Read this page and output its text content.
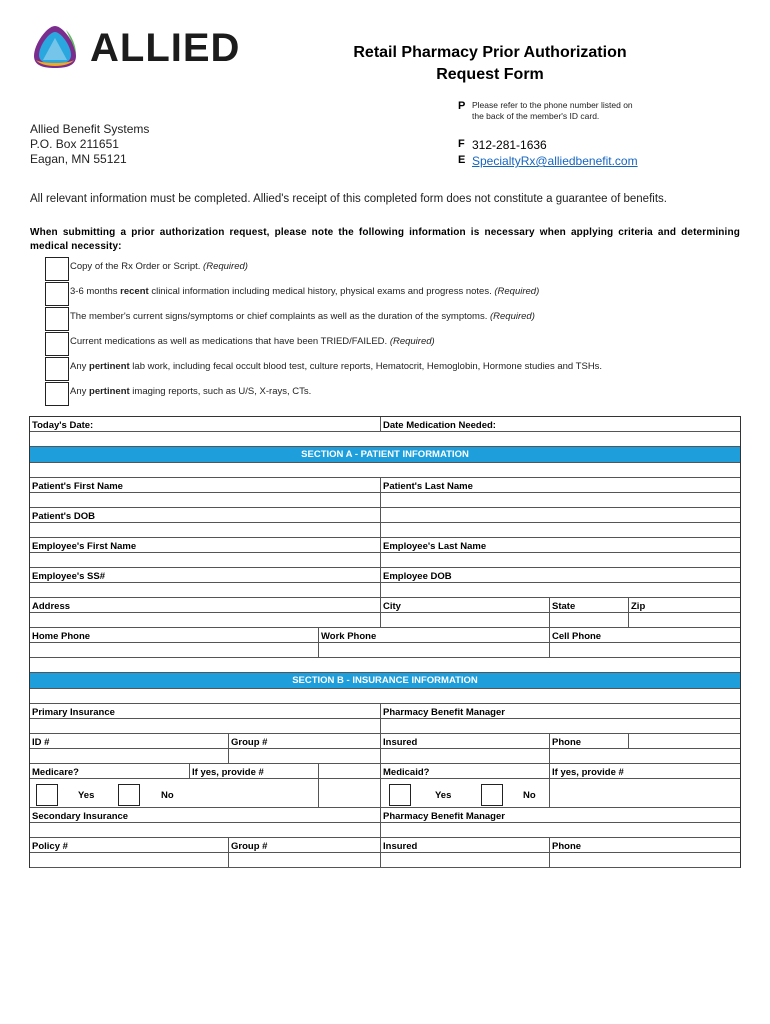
ALLIED	Retail Pharmacy Prior Authorization
Request Form
Allied Benefit Systems
P.O. Box 211651
Eagan, MN 55121
P Please refer to the phone number listed on the back of the member's ID card.
F 312-281-1636
E SpecialtyRx@alliedbenefit.com
All relevant information must be completed. Allied's receipt of this completed form does not constitute a guarantee of benefits.
When submitting a prior authorization request, please note the following information is necessary when applying criteria and determining medical necessity:
Copy of the Rx Order or Script. (Required)
3-6 months recent clinical information including medical history, physical exams and progress notes. (Required)
The member's current signs/symptoms or chief complaints as well as the duration of the symptoms. (Required)
Current medications as well as medications that have been TRIED/FAILED. (Required)
Any pertinent lab work, including fecal occult blood test, culture reports, Hematocrit, Hemoglobin, Hormone studies and TSHs.
Any pertinent imaging reports, such as U/S, X-rays, CTs.
Today's Date:	Date Medication Needed:
SECTION A - PATIENT INFORMATION
Patient's First Name	Patient's Last Name
Patient's DOB
Employee's First Name	Employee's Last Name
Employee's SS#	Employee DOB
Address	City	State	Zip
Home Phone	Work Phone	Cell Phone
SECTION B - INSURANCE INFORMATION
Primary Insurance	Pharmacy Benefit Manager
ID #	Group #	Insured	Phone
Medicare?	If yes, provide #	Medicaid?	If yes, provide #
Yes	No	Yes	No
Secondary Insurance	Pharmacy Benefit Manager
Policy #	Group #	Insured	Phone
